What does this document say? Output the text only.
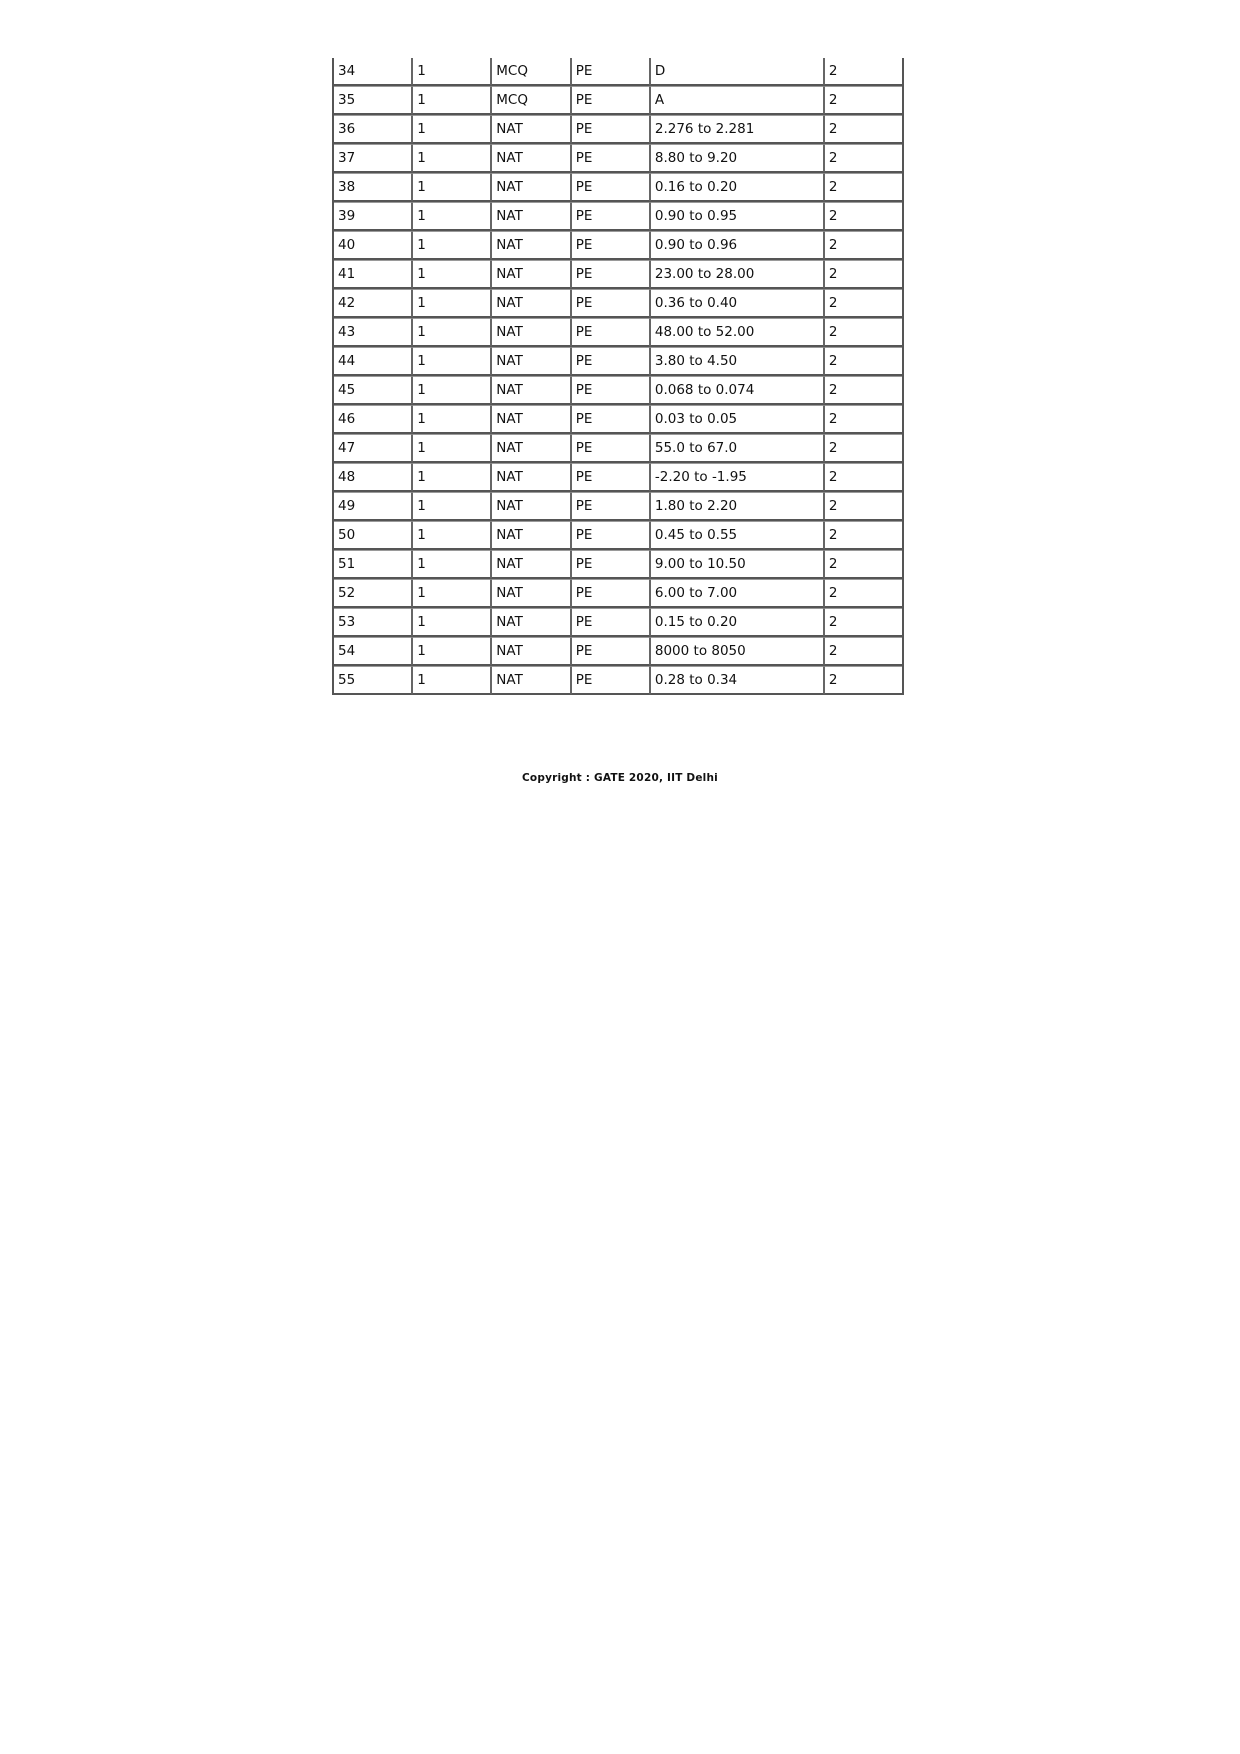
34	1	MCQ	PE	D	2
35	1	MCQ	PE	A	2
36	1	NAT	PE	2.276 to 2.281	2
37	1	NAT	PE	8.80 to 9.20	2
38	1	NAT	PE	0.16 to 0.20	2
39	1	NAT	PE	0.90 to 0.95	2
40	1	NAT	PE	0.90 to 0.96	2
41	1	NAT	PE	23.00 to 28.00	2
42	1	NAT	PE	0.36 to 0.40	2
43	1	NAT	PE	48.00 to 52.00	2
44	1	NAT	PE	3.80 to 4.50	2
45	1	NAT	PE	0.068 to 0.074	2
46	1	NAT	PE	0.03 to 0.05	2
47	1	NAT	PE	55.0 to 67.0	2
48	1	NAT	PE	-2.20 to -1.95	2
49	1	NAT	PE	1.80 to 2.20	2
50	1	NAT	PE	0.45 to 0.55	2
51	1	NAT	PE	9.00 to 10.50	2
52	1	NAT	PE	6.00 to 7.00	2
53	1	NAT	PE	0.15 to 0.20	2
54	1	NAT	PE	8000 to 8050	2
55	1	NAT	PE	0.28 to 0.34	2
Copyright : GATE 2020, IIT Delhi
